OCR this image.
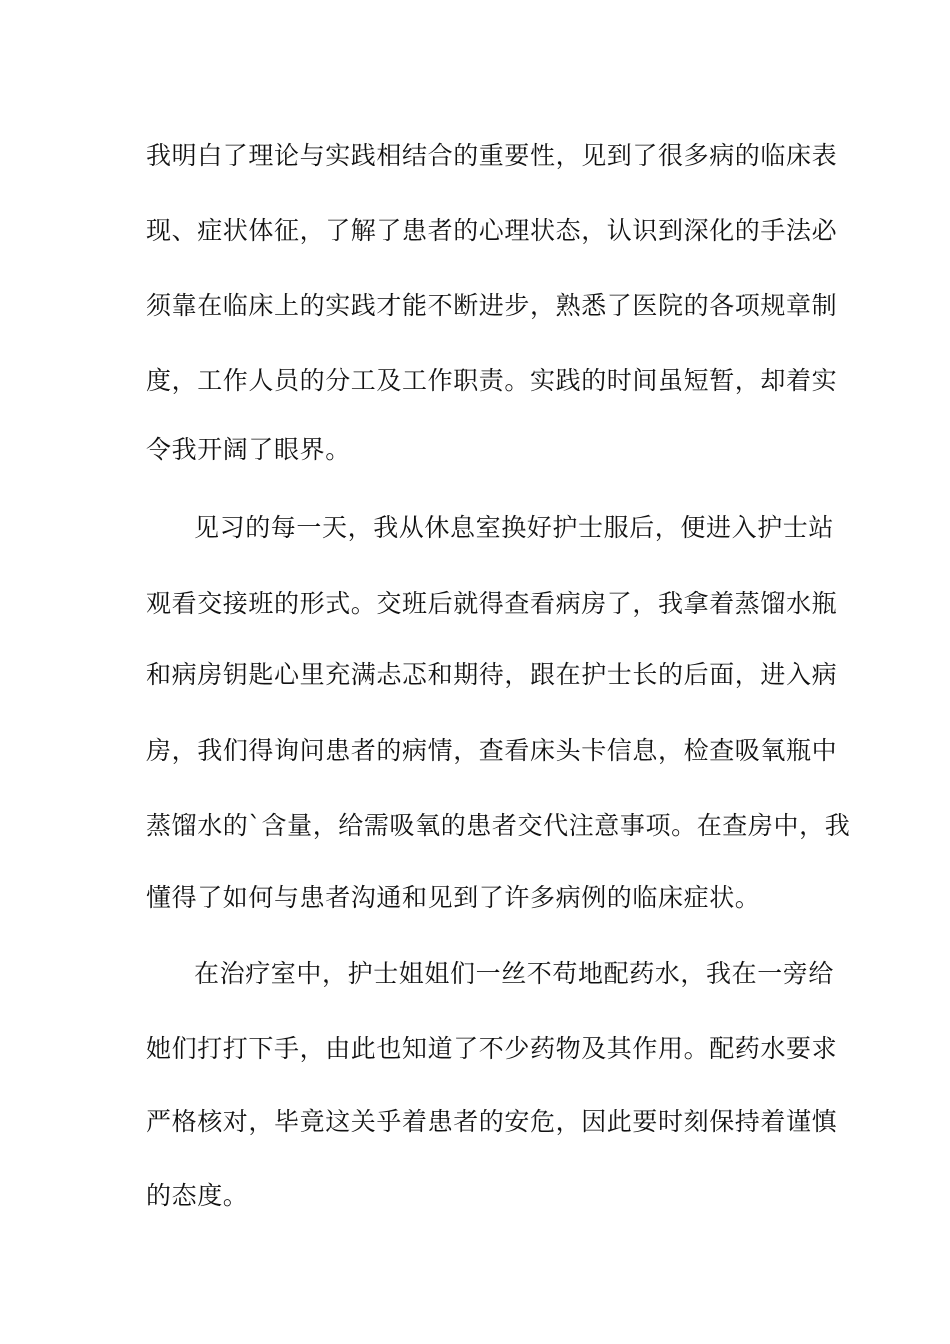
我明白了理论与实践相结合的重要性，见到了很多病的临床表
现、症状体征，了解了患者的心理状态，认识到深化的手法必
须靠在临床上的实践才能不断进步，熟悉了医院的各项规章制
度，工作人员的分工及工作职责。实践的时间虽短暂，却着实
令我开阔了眼界。
见习的每一天，我从休息室换好护士服后，便进入护士站
观看交接班的形式。交班后就得查看病房了，我拿着蒸馏水瓶
和病房钥匙心里充满忐忑和期待，跟在护士长的后面，进入病
房，我们得询问患者的病情，查看床头卡信息，检查吸氧瓶中
蒸馏水的`含量，给需吸氧的患者交代注意事项。在查房中，我
懂得了如何与患者沟通和见到了许多病例的临床症状。
在治疗室中，护士姐姐们一丝不苟地配药水，我在一旁给
她们打打下手，由此也知道了不少药物及其作用。配药水要求
严格核对，毕竟这关乎着患者的安危，因此要时刻保持着谨慎
的态度。
